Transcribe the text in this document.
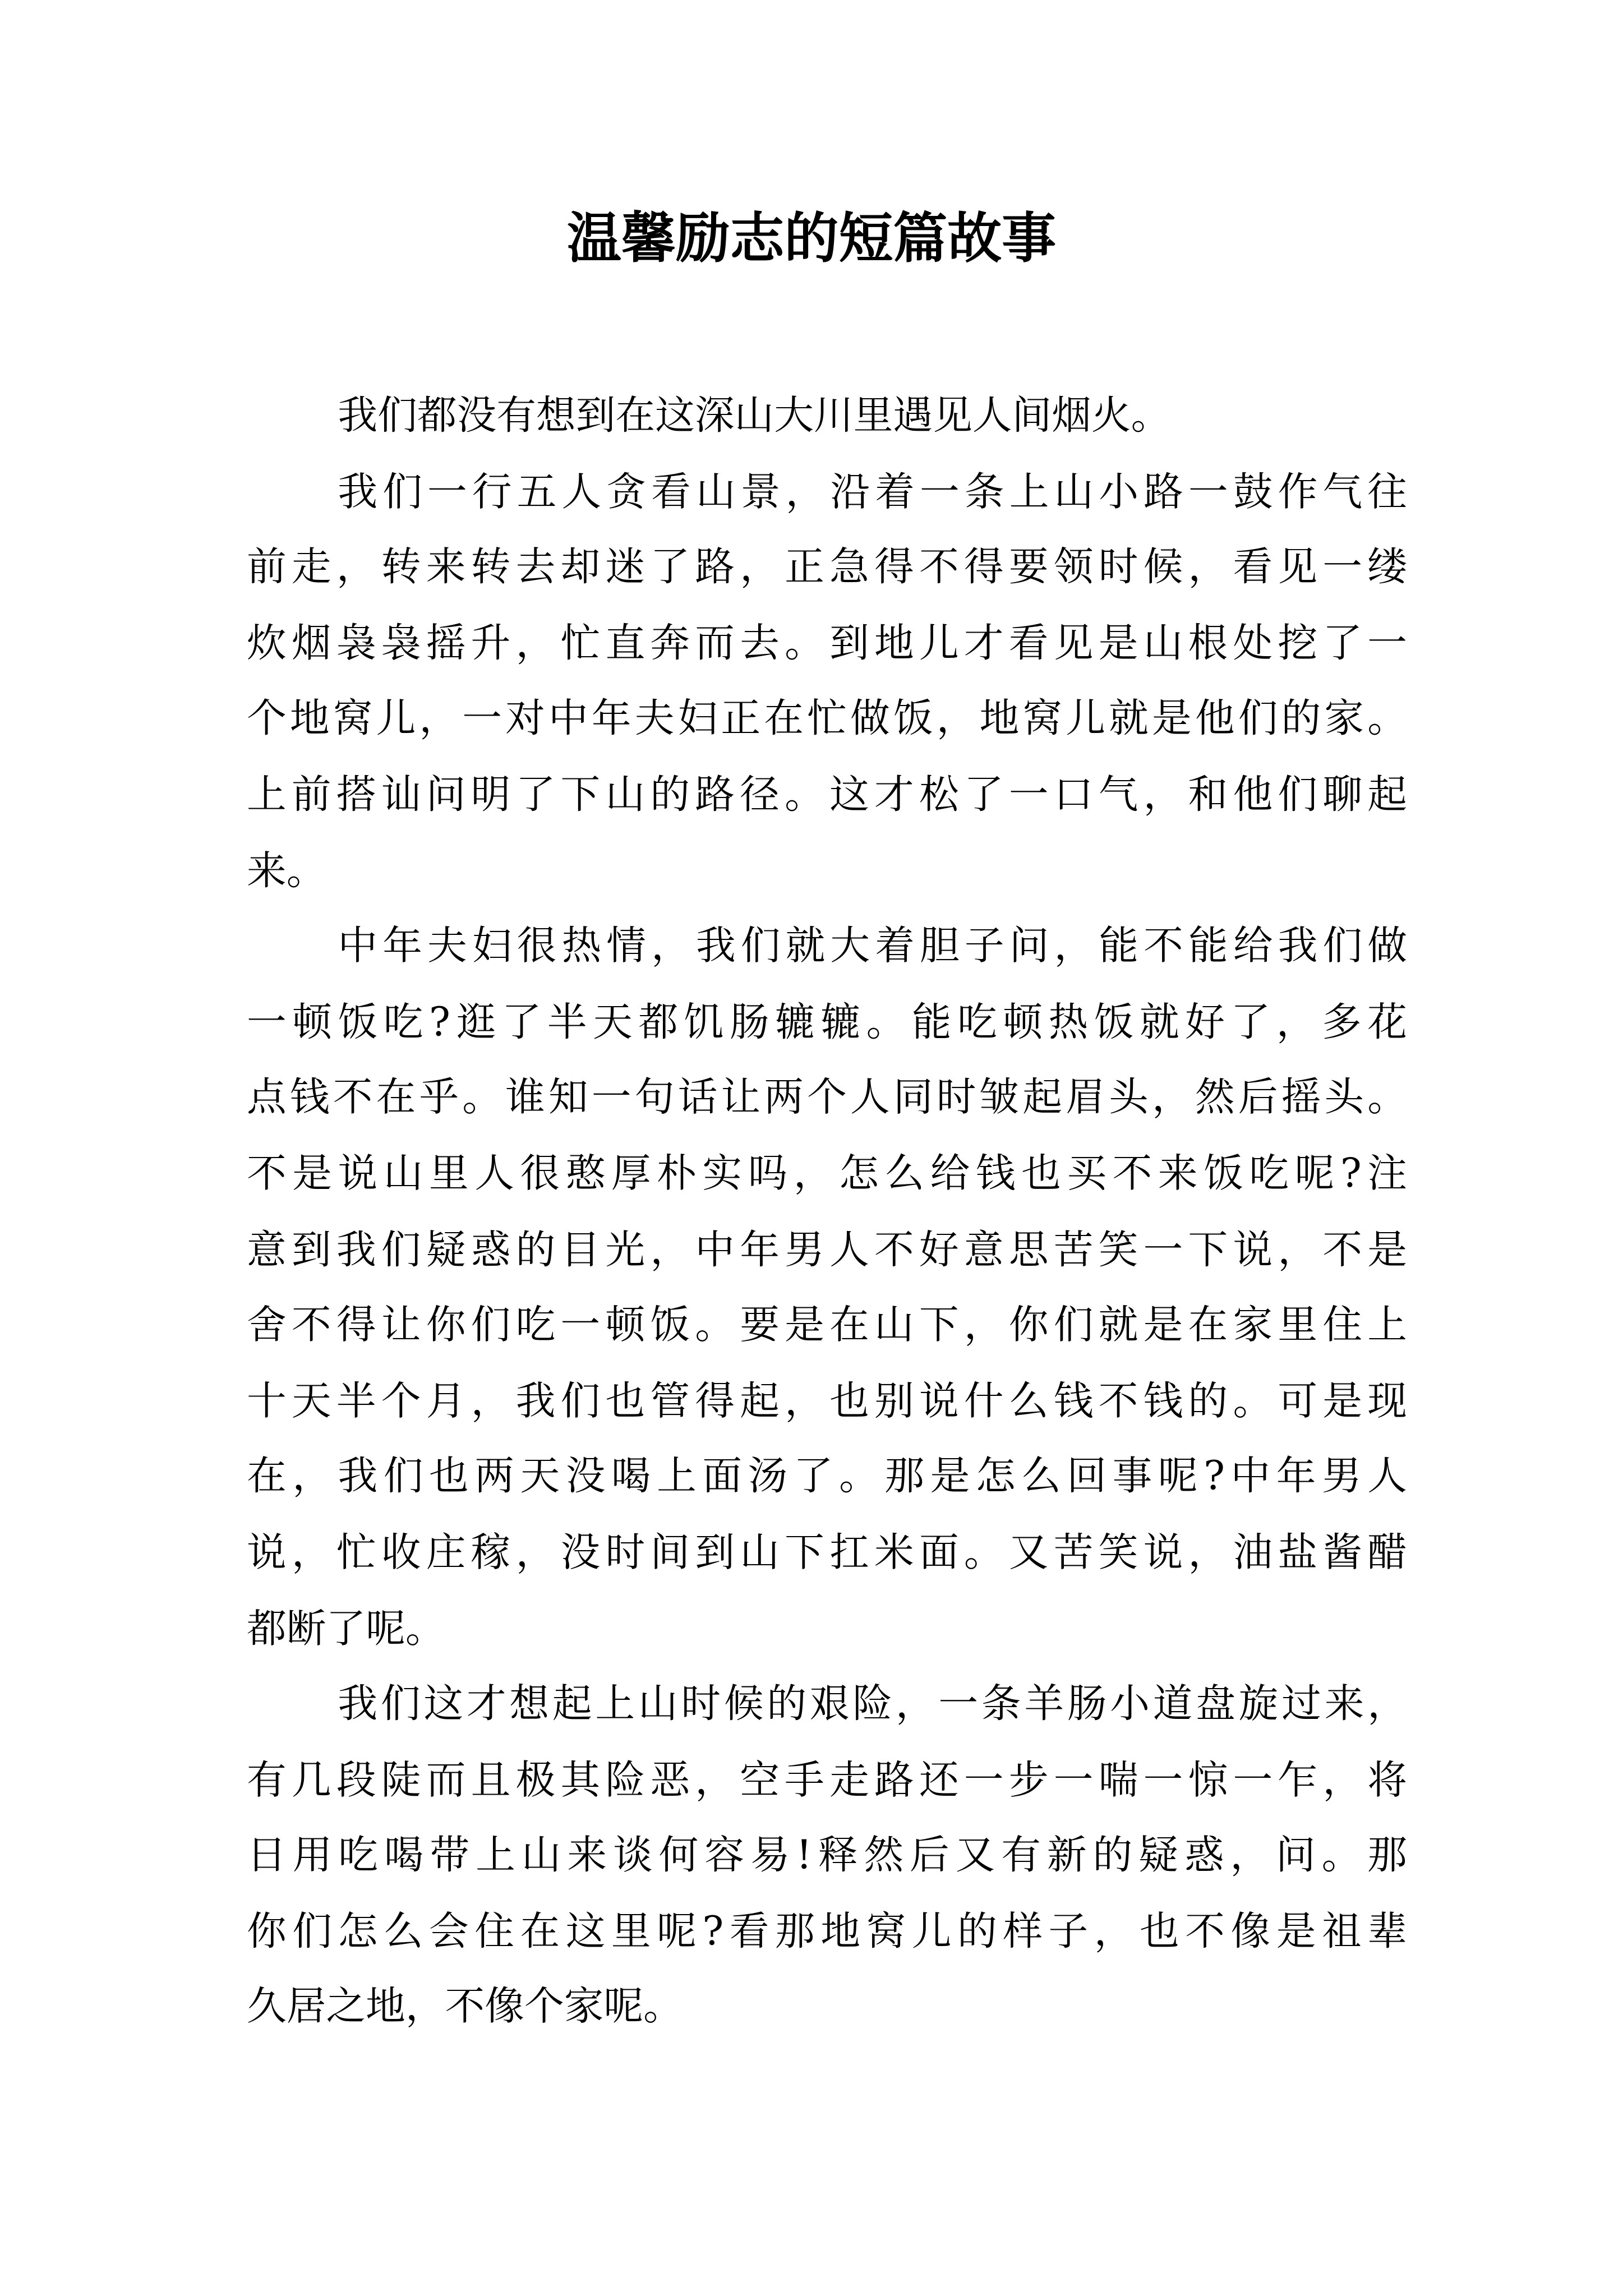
温馨励志的短篇故事
我们都没有想到在这深山大川里遇见人间烟火。
我们一行五人贪看山景，沿着一条上山小路一鼓作气往
前走，转来转去却迷了路，正急得不得要领时候，看见一缕
炊烟袅袅摇升，忙直奔而去。到地儿才看见是山根处挖了一
个地窝儿，一对中年夫妇正在忙做饭，地窝儿就是他们的家。
上前搭讪问明了下山的路径。这才松了一口气，和他们聊起
来。
中年夫妇很热情，我们就大着胆子问，能不能给我们做
一顿饭吃?逛了半天都饥肠辘辘。能吃顿热饭就好了，多花
点钱不在乎。谁知一句话让两个人同时皱起眉头，然后摇头。
不是说山里人很憨厚朴实吗，怎么给钱也买不来饭吃呢?注
意到我们疑惑的目光，中年男人不好意思苦笑一下说，不是
舍不得让你们吃一顿饭。要是在山下，你们就是在家里住上
十天半个月，我们也管得起，也别说什么钱不钱的。可是现
在，我们也两天没喝上面汤了。那是怎么回事呢?中年男人
说，忙收庄稼，没时间到山下扛米面。又苦笑说，油盐酱醋
都断了呢。
我们这才想起上山时候的艰险，一条羊肠小道盘旋过来，
有几段陡而且极其险恶，空手走路还一步一喘一惊一乍，将
日用吃喝带上山来谈何容易!释然后又有新的疑惑，问。那
你们怎么会住在这里呢?看那地窝儿的样子，也不像是祖辈
久居之地，不像个家呢。
